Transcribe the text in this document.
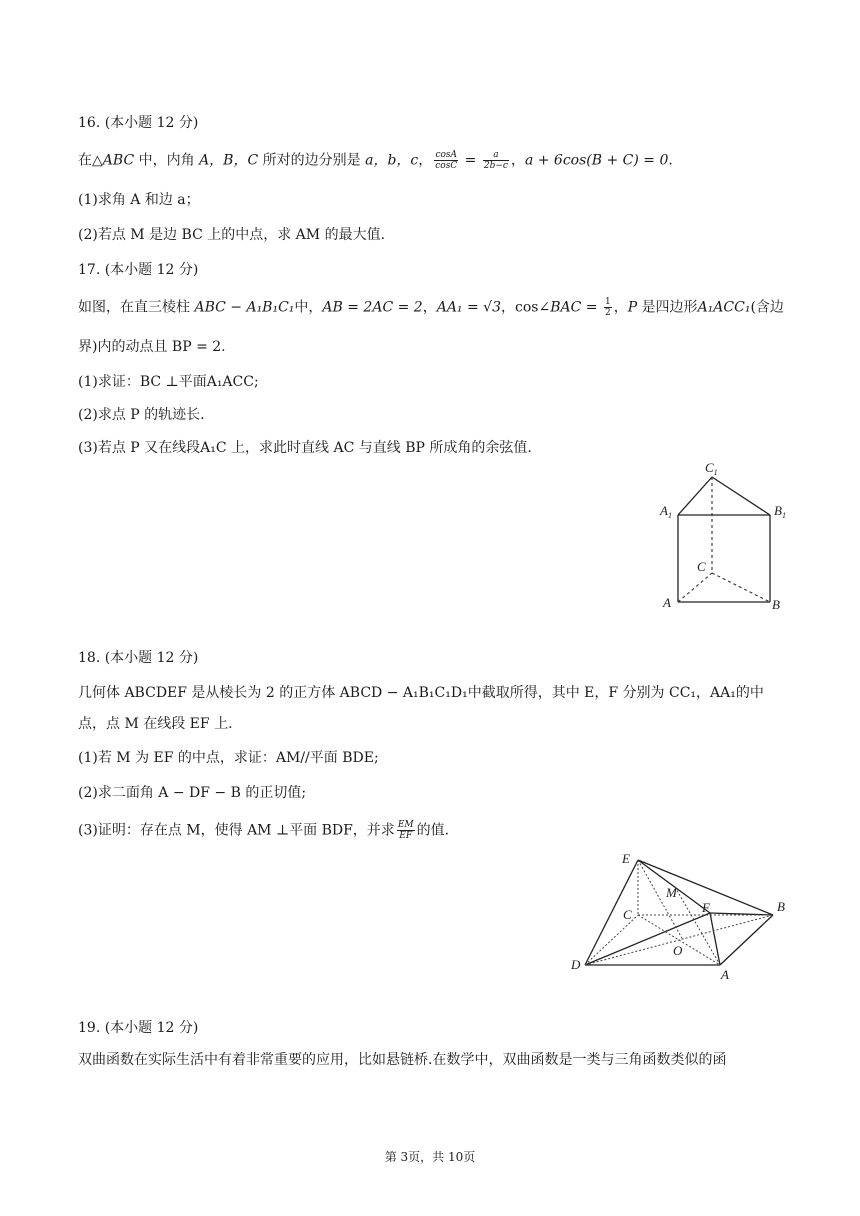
16. (本小题 12 分)
在△ABC 中，内角 A，B，C 所对的边分别是 a，b，c， $\frac{\cos A}{\cos C} = \frac{a}{2b-c}$ ，a + 6cos(B + C) = 0.
(1)求角 A 和边 a；
(2)若点 M 是边 BC 上的中点，求 AM 的最大值.
17. (本小题 12 分)
如图，在直三棱柱 ABC − A₁B₁C₁中，AB = 2AC = 2，AA₁ = √3，cos∠BAC = $\frac{1}{2}$ ，P 是四边形A₁ACC₁(含边
界)内的动点且 BP = 2.
(1)求证：BC ⊥平面A₁ACC;
(2)求点 P 的轨迹长.
(3)若点 P 又在线段A₁C 上，求此时直线 AC 与直线 BP 所成角的余弦值.
$C_1$
$A_1$	$B_1$
C
A	B
18. (本小题 12 分)
几何体 ABCDEF 是从棱长为 2 的正方体 ABCD − A₁B₁C₁D₁中截取所得，其中 E，F 分别为 CC₁，AA₁的中
点，点 M 在线段 EF 上.
(1)若 M 为 EF 的中点，求证：AM//平面 BDE;
(2)求二面角 A − DF − B 的正切值;
(3)证明：存在点 M，使得 AM ⊥平面 BDF，并求 $\frac{EM}{EF}$ 的值.
E
M
F	B
C
O
D
A
19. (本小题 12 分)
双曲函数在实际生活中有着非常重要的应用，比如悬链桥.在数学中，双曲函数是一类与三角函数类似的函
第 3页，共 10页
